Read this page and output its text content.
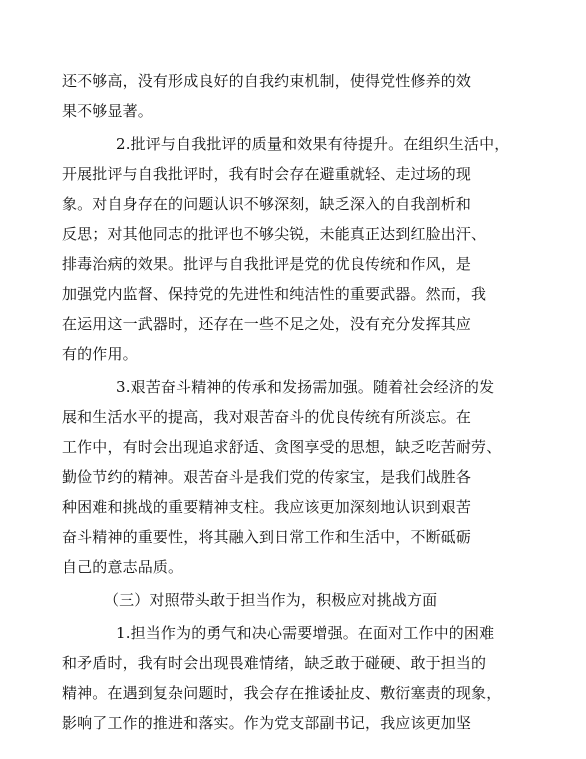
还不够高，没有形成良好的自我约束机制，使得党性修养的效
果不够显著。
2.批评与自我批评的质量和效果有待提升。在组织生活中，
开展批评与自我批评时，我有时会存在避重就轻、走过场的现
象。对自身存在的问题认识不够深刻，缺乏深入的自我剖析和
反思；对其他同志的批评也不够尖锐，未能真正达到红脸出汗、
排毒治病的效果。批评与自我批评是党的优良传统和作风，是
加强党内监督、保持党的先进性和纯洁性的重要武器。然而，我
在运用这一武器时，还存在一些不足之处，没有充分发挥其应
有的作用。
3.艰苦奋斗精神的传承和发扬需加强。随着社会经济的发
展和生活水平的提高，我对艰苦奋斗的优良传统有所淡忘。在
工作中，有时会出现追求舒适、贪图享受的思想，缺乏吃苦耐劳、
勤俭节约的精神。艰苦奋斗是我们党的传家宝，是我们战胜各
种困难和挑战的重要精神支柱。我应该更加深刻地认识到艰苦
奋斗精神的重要性，将其融入到日常工作和生活中，不断砥砺
自己的意志品质。
（三）对照带头敢于担当作为，积极应对挑战方面
1.担当作为的勇气和决心需要增强。在面对工作中的困难
和矛盾时，我有时会出现畏难情绪，缺乏敢于碰硬、敢于担当的
精神。在遇到复杂问题时，我会存在推诿扯皮、敷衍塞责的现象，
影响了工作的推进和落实。作为党支部副书记，我应该更加坚
